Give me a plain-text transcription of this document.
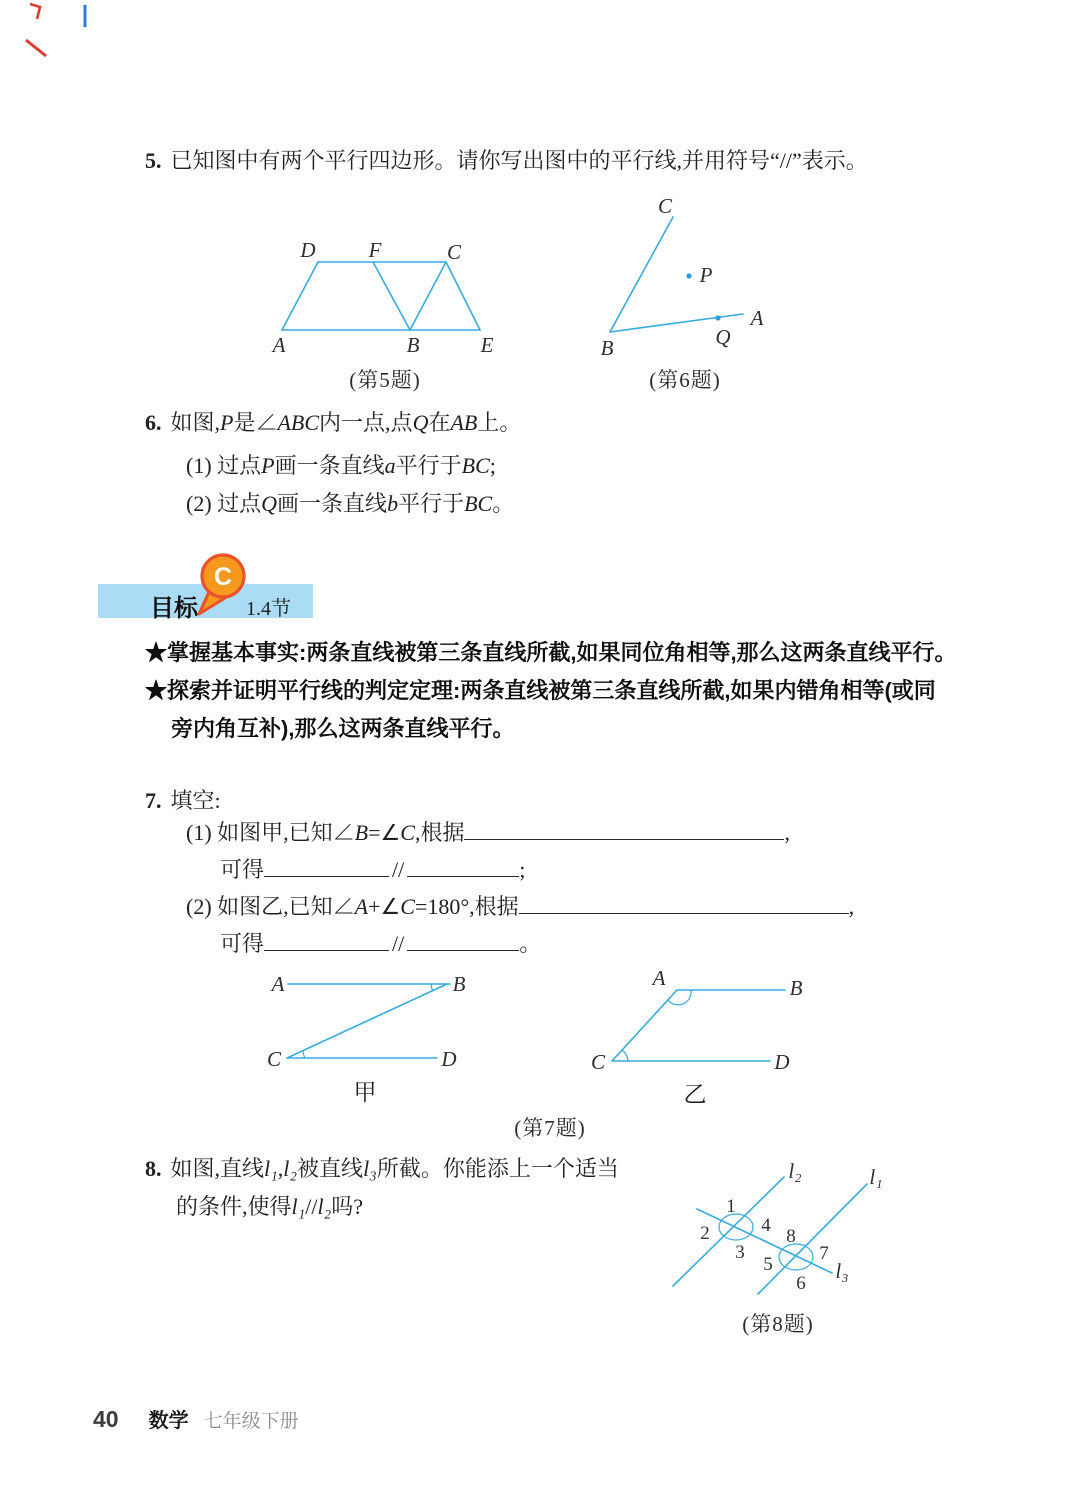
5. 已知图中有两个平行四边形。请你写出图中的平行线,并用符号“//”表示。
D	F	C
A	B	E
(第5题)
C
P
A
Q
B
(第6题)
6. 如图,P是∠ABC内一点,点Q在AB上。
(1) 过点P画一条直线a平行于BC;
(2) 过点Q画一条直线b平行于BC。
目标 1.4节
C

★掌握基本事实:两条直线被第三条直线所截,如果同位角相等,那么这两条直线平行。

★探索并证明平行线的判定定理:两条直线被第三条直线所截,如果内错角相等(或同旁内角互补),那么这两条直线平行。

7. 填空:
(1) 如图甲,已知∠B=∠C,根据	,
可得	//	;
(2) 如图乙,已知∠A+∠C=180°,根据	,
可得	//	。
A	B
C	D
甲
A	B
C	D
乙
(第7题)
8. 如图,直线l₁,l₂被直线l₃所截。你能添上一个适当
的条件,使得l₁//l₂吗?
l₂	l₁
l₃
1
2
3
4
5
6
7
8
(第8题)
40 数学 七年级下册
